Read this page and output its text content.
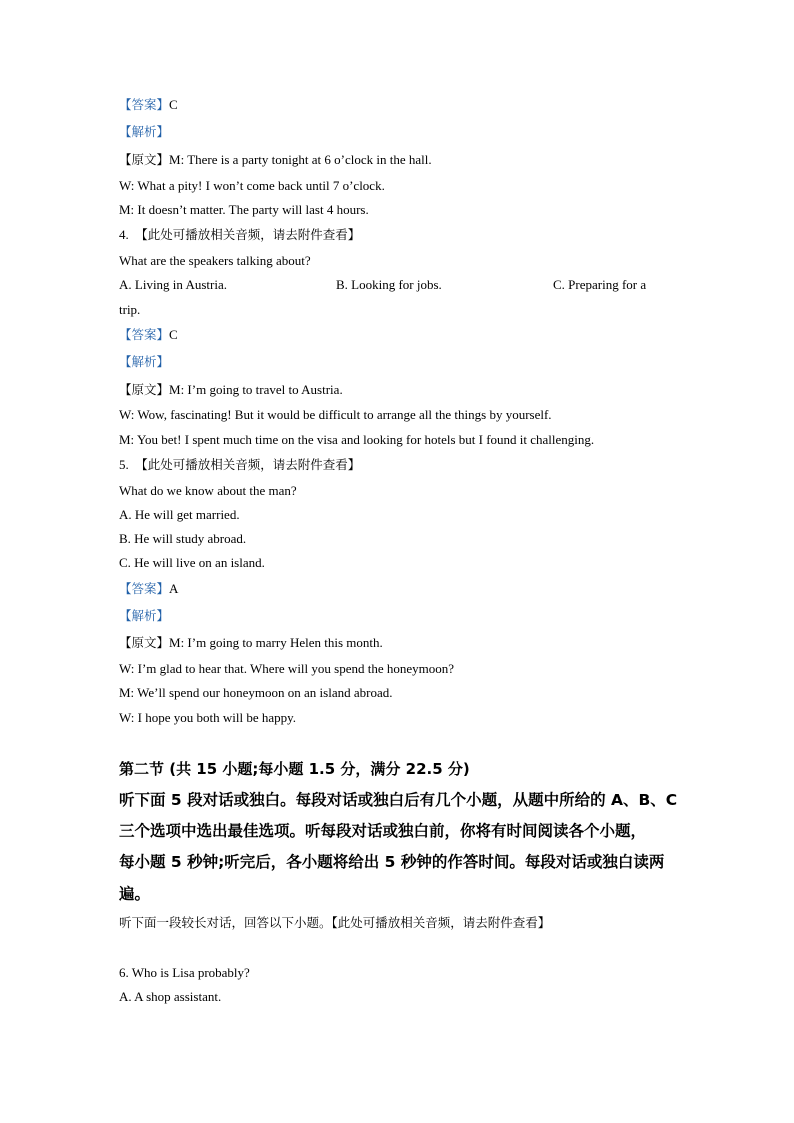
【答案】C
【解析】
【原文】M: There is a party tonight at 6 o’clock in the hall.
W: What a pity! I won’t come back until 7 o’clock.
M: It doesn’t matter. The party will last 4 hours.
4. 【此处可播放相关音频，请去附件查看】
What are the speakers talking about?
A. Living in Austria.	B. Looking for jobs.	C. Preparing for a
trip.
【答案】C
【解析】
【原文】M: I’m going to travel to Austria.
W: Wow, fascinating! But it would be difficult to arrange all the things by yourself.
M: You bet! I spent much time on the visa and looking for hotels but I found it challenging.
5. 【此处可播放相关音频，请去附件查看】
What do we know about the man?
A. He will get married.
B. He will study abroad.
C. He will live on an island.
【答案】A
【解析】
【原文】M: I’m going to marry Helen this month.
W: I’m glad to hear that. Where will you spend the honeymoon?
M: We’ll spend our honeymoon on an island abroad.
W: I hope you both will be happy.
第二节 (共 15 小题;每小题 1.5 分，满分 22.5 分)
听下面 5 段对话或独白。每段对话或独白后有几个小题，从题中所给的 A、B、C
三个选项中选出最佳选项。听每段对话或独白前，你将有时间阅读各个小题，
每小题 5 秒钟;听完后，各小题将给出 5 秒钟的作答时间。每段对话或独白读两
遍。
听下面一段较长对话，回答以下小题。【此处可播放相关音频，请去附件查看】
6. Who is Lisa probably?
A. A shop assistant.
